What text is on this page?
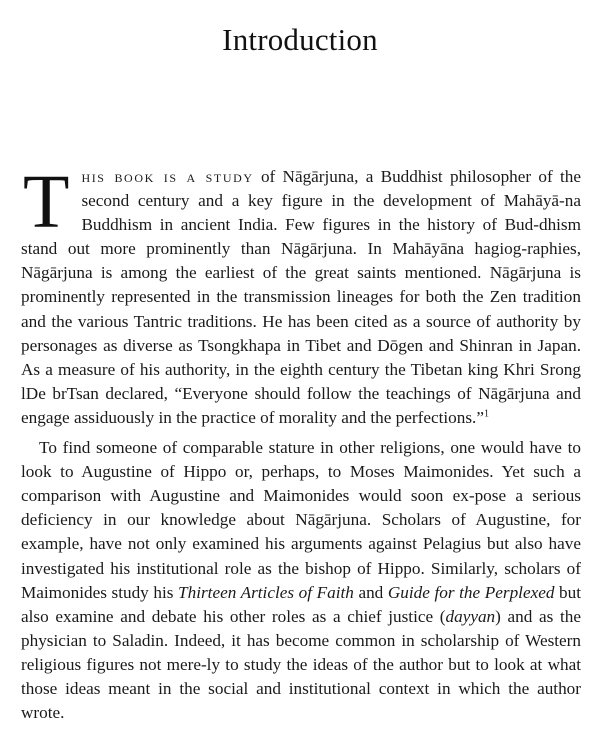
Introduction

This book is a study of Nāgārjuna, a Buddhist philosopher of the second century and a key figure in the development of Mahāyā-na Buddhism in ancient India. Few figures in the history of Bud-dhism stand out more prominently than Nāgārjuna. In Mahāyāna hagiog-raphies, Nāgārjuna is among the earliest of the great saints mentioned. Nāgārjuna is prominently represented in the transmission lineages for both the Zen tradition and the various Tantric traditions. He has been cited as a source of authority by personages as diverse as Tsongkhapa in Tibet and Dōgen and Shinran in Japan. As a measure of his authority, in the eighth century the Tibetan king Khri Srong lDe brTsan declared, “Everyone should follow the teachings of Nāgārjuna and engage assiduously in the practice of morality and the perfections.”$^1$

To find someone of comparable stature in other religions, one would have to look to Augustine of Hippo or, perhaps, to Moses Maimonides. Yet such a comparison with Augustine and Maimonides would soon ex-pose a serious deficiency in our knowledge about Nāgārjuna. Scholars of Augustine, for example, have not only examined his arguments against Pelagius but also have investigated his institutional role as the bishop of Hippo. Similarly, scholars of Maimonides study his Thirteen Articles of Faith and Guide for the Perplexed but also examine and debate his other roles as a chief justice (dayyan) and as the physician to Saladin. Indeed, it has become common in scholarship of Western religious figures not mere-ly to study the ideas of the author but to look at what those ideas meant in the social and institutional context in which the author wrote.
